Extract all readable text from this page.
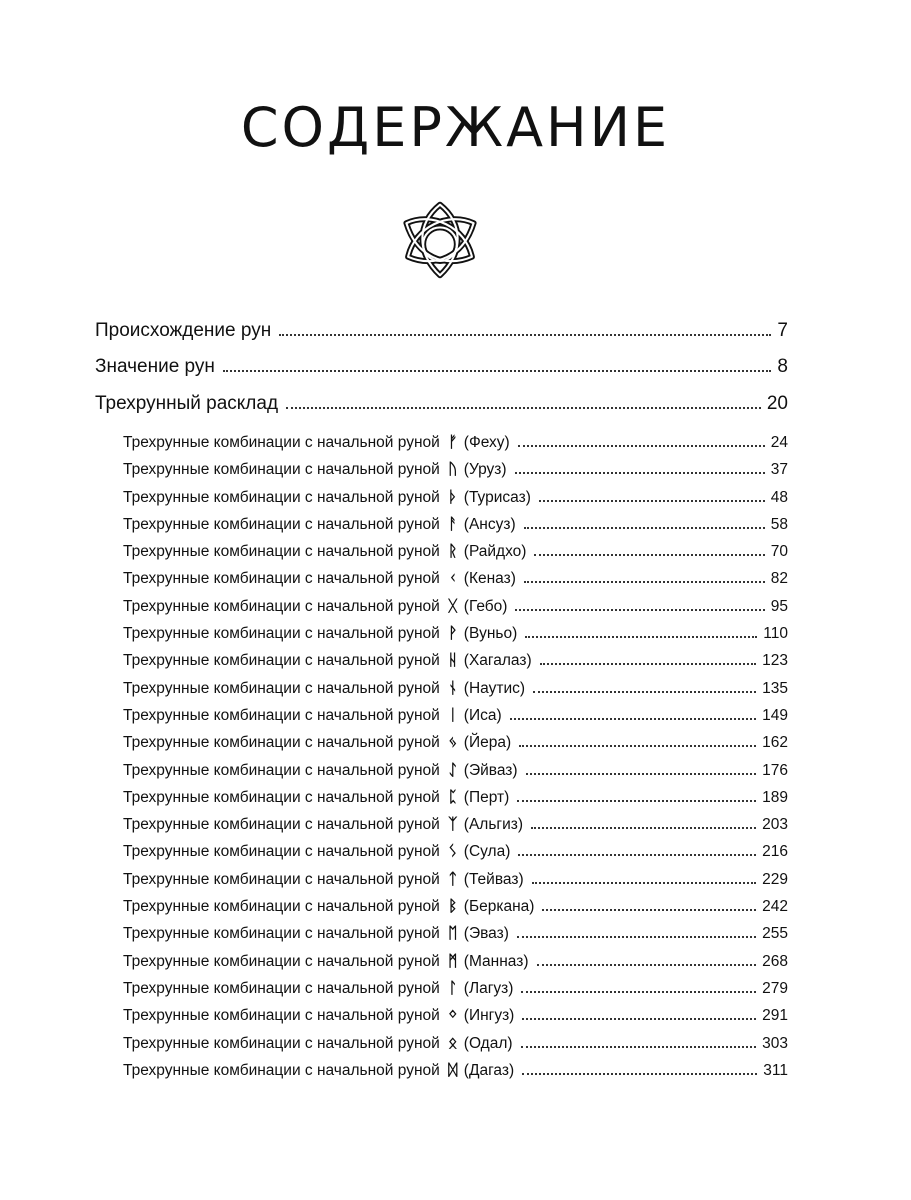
СОДЕРЖАНИЕ
Происхождение рун	7
Значение рун	8
Трехрунный расклад	20
Трехрунные комбинации с начальной руной ᚠ (Феху)	24
Трехрунные комбинации с начальной руной ᚢ (Уруз)	37
Трехрунные комбинации с начальной руной ᚦ (Турисаз)	48
Трехрунные комбинации с начальной руной ᚨ (Ансуз)	58
Трехрунные комбинации с начальной руной ᚱ (Райдхо)	70
Трехрунные комбинации с начальной руной ᚲ (Кеназ)	82
Трехрунные комбинации с начальной руной ᚷ (Гебо)	95
Трехрунные комбинации с начальной руной ᚹ (Вуньо)	110
Трехрунные комбинации с начальной руной ᚺ (Хагалаз)	123
Трехрунные комбинации с начальной руной ᚾ (Наутис)	135
Трехрунные комбинации с начальной руной ᛁ (Иса)	149
Трехрунные комбинации с начальной руной ᛃ (Йера)	162
Трехрунные комбинации с начальной руной ᛇ (Эйваз)	176
Трехрунные комбинации с начальной руной ᛈ (Перт)	189
Трехрунные комбинации с начальной руной ᛉ (Альгиз)	203
Трехрунные комбинации с начальной руной ᛊ (Сула)	216
Трехрунные комбинации с начальной руной ᛏ (Тейваз)	229
Трехрунные комбинации с начальной руной ᛒ (Беркана)	242
Трехрунные комбинации с начальной руной ᛖ (Эваз)	255
Трехрунные комбинации с начальной руной ᛗ (Манназ)	268
Трехрунные комбинации с начальной руной ᛚ (Лагуз)	279
Трехрунные комбинации с начальной руной ᛜ (Ингуз)	291
Трехрунные комбинации с начальной руной ᛟ (Одал)	303
Трехрунные комбинации с начальной руной ᛞ (Дагаз)	311
